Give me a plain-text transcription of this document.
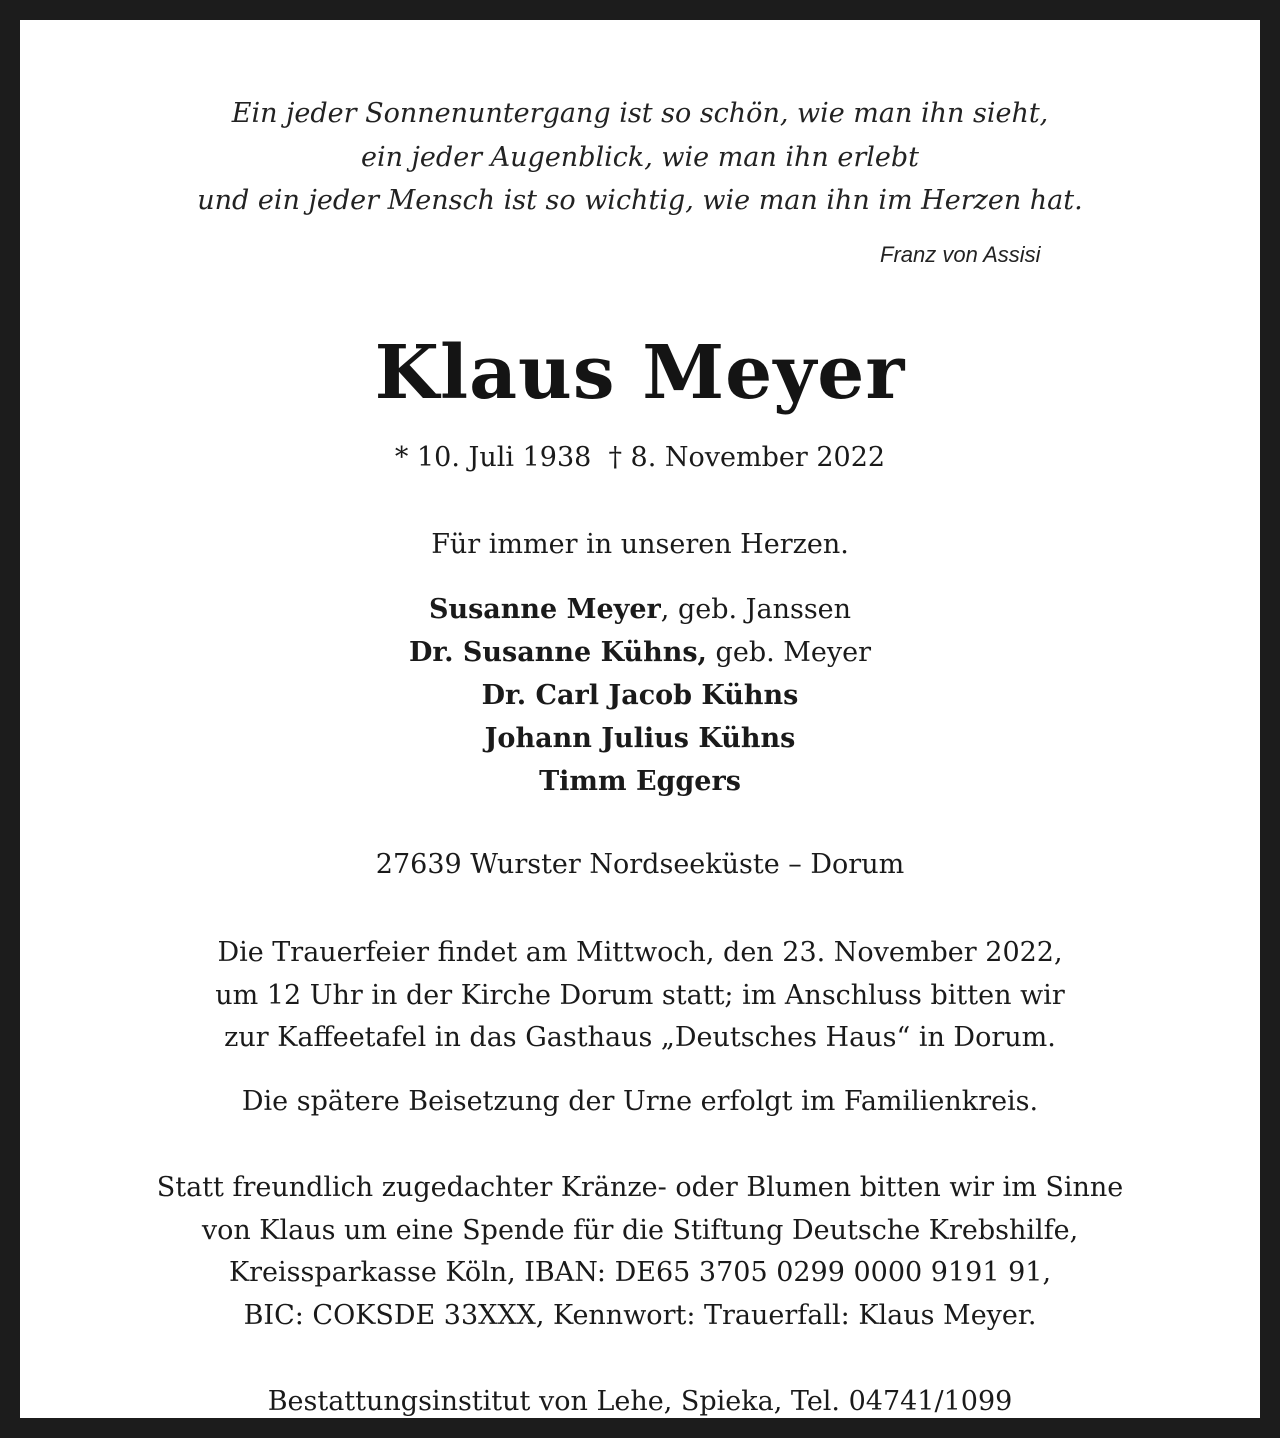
Ein jeder Sonnenuntergang ist so schön, wie man ihn sieht,
ein jeder Augenblick, wie man ihn erlebt
und ein jeder Mensch ist so wichtig, wie man ihn im Herzen hat.
Franz von Assisi
Klaus Meyer
* 10. Juli 1938  † 8. November 2022
Für immer in unseren Herzen.
Susanne Meyer, geb. Janssen
Dr. Susanne Kühns, geb. Meyer
Dr. Carl Jacob Kühns
Johann Julius Kühns
Timm Eggers
27639 Wurster Nordseeküste – Dorum
Die Trauerfeier findet am Mittwoch, den 23. November 2022,
um 12 Uhr in der Kirche Dorum statt; im Anschluss bitten wir
zur Kaffeetafel in das Gasthaus „Deutsches Haus“ in Dorum.
Die spätere Beisetzung der Urne erfolgt im Familienkreis.
Statt freundlich zugedachter Kränze- oder Blumen bitten wir im Sinne
von Klaus um eine Spende für die Stiftung Deutsche Krebshilfe,
Kreissparkasse Köln, IBAN: DE65 3705 0299 0000 9191 91,
BIC: COKSDE 33XXX, Kennwort: Trauerfall: Klaus Meyer.
Bestattungsinstitut von Lehe, Spieka, Tel. 04741/1099
